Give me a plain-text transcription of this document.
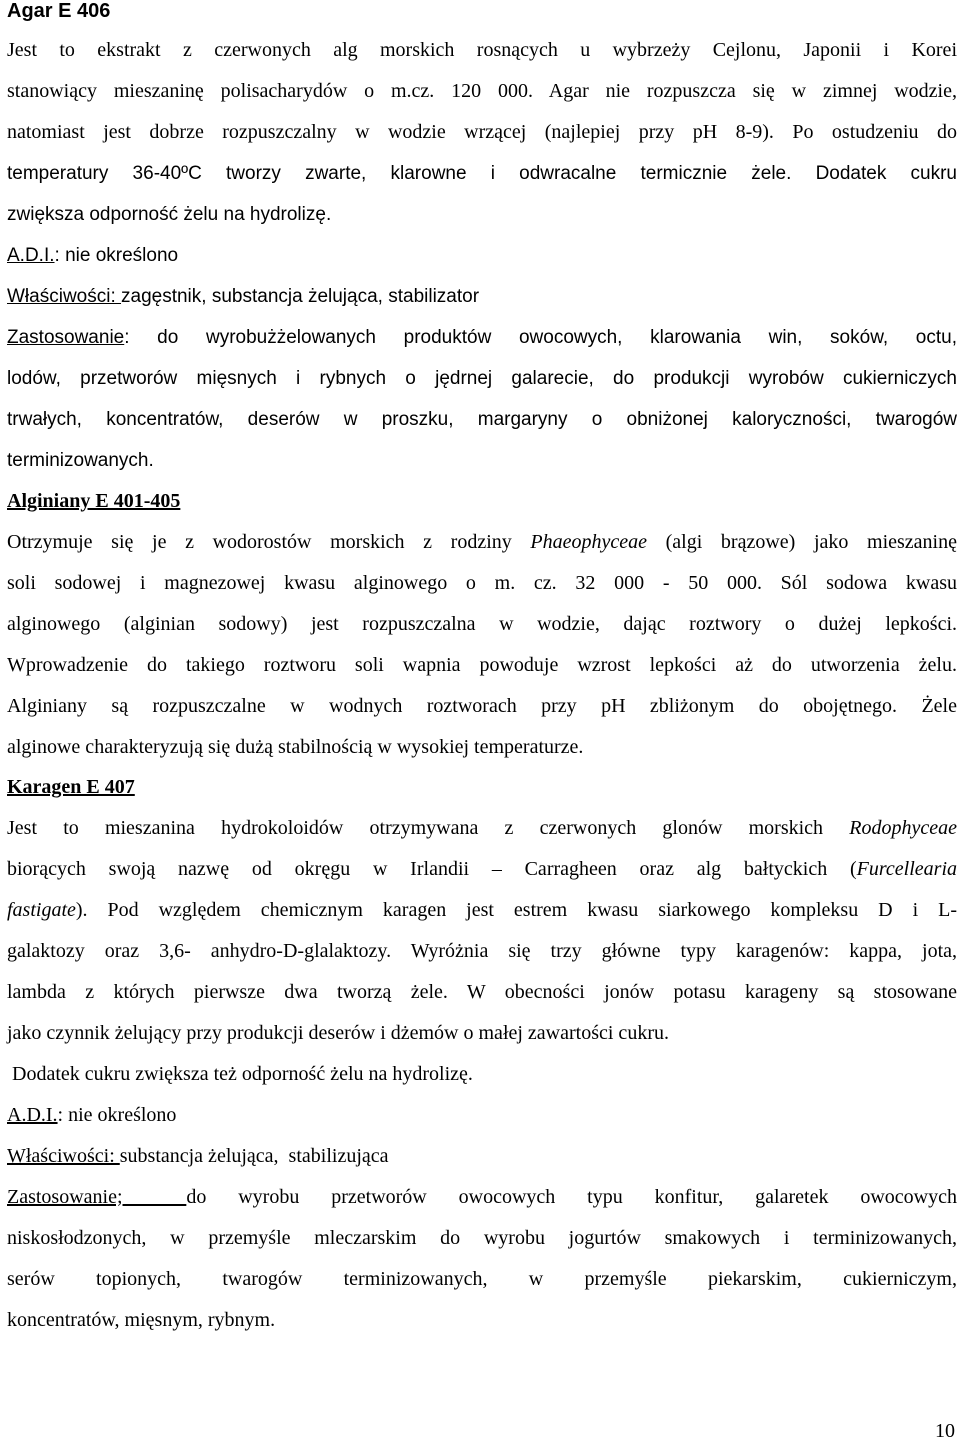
Agar E 406
Jest to ekstrakt z czerwonych alg morskich rosnących u wybrzeży Cejlonu, Japonii i Korei
stanowiący mieszaninę polisacharydów o m.cz. 120 000. Agar nie rozpuszcza się w zimnej wodzie,
natomiast jest dobrze rozpuszczalny w wodzie wrzącej (najlepiej przy pH 8-9). Po ostudzeniu do
temperatury 36-40ºC tworzy zwarte, klarowne i odwracalne termicznie żele. Dodatek cukru
zwiększa odporność żelu na hydrolizę.
A.D.I.: nie określono
Właściwości: zagęstnik, substancja żelująca, stabilizator
Zastosowanie: do wyrobużżelowanych produktów owocowych, klarowania win, soków, octu,
lodów, przetworów mięsnych i rybnych o jędrnej galarecie, do produkcji wyrobów cukierniczych
trwałych, koncentratów, deserów w proszku, margaryny o obniżonej kaloryczności, twarogów
terminizowanych.
Alginiany E 401-405
Otrzymuje się je z wodorostów morskich z rodziny Phaeophyceae (algi brązowe) jako mieszaninę
soli sodowej i magnezowej kwasu alginowego o m. cz. 32 000 - 50 000. Sól sodowa kwasu
alginowego (alginian sodowy) jest rozpuszczalna w wodzie, dając roztwory o dużej lepkości.
Wprowadzenie do takiego roztworu soli wapnia powoduje wzrost lepkości aż do utworzenia żelu.
Alginiany są rozpuszczalne w wodnych roztworach przy pH zbliżonym do obojętnego. Żele
alginowe charakteryzują się dużą stabilnością w wysokiej temperaturze.
Karagen E 407
Jest to mieszanina hydrokoloidów otrzymywana z czerwonych glonów morskich Rodophyceae
biorących swoją nazwę od okręgu w Irlandii – Carragheen oraz alg bałtyckich (Furcellearia
fastigate). Pod względem chemicznym karagen jest estrem kwasu siarkowego kompleksu D i L-
galaktozy oraz 3,6- anhydro-D-glalaktozy. Wyróżnia się trzy główne typy karagenów: kappa, jota,
lambda z których pierwsze dwa tworzą żele. W obecności jonów potasu karageny są stosowane
jako czynnik żelujący przy produkcji deserów i dżemów o małej zawartości cukru.
Dodatek cukru zwiększa też odporność żelu na hydrolizę.
A.D.I.: nie określono
Właściwości: substancja żelująca,  stabilizująca
Zastosowanie;  do wyrobu przetworów owocowych typu konfitur, galaretek owocowych
niskosłodzonych, w przemyśle mleczarskim do wyrobu jogurtów smakowych i terminizowanych,
serów topionych, twarogów terminizowanych, w przemyśle piekarskim, cukierniczym,
koncentratów, mięsnym, rybnym.
10
